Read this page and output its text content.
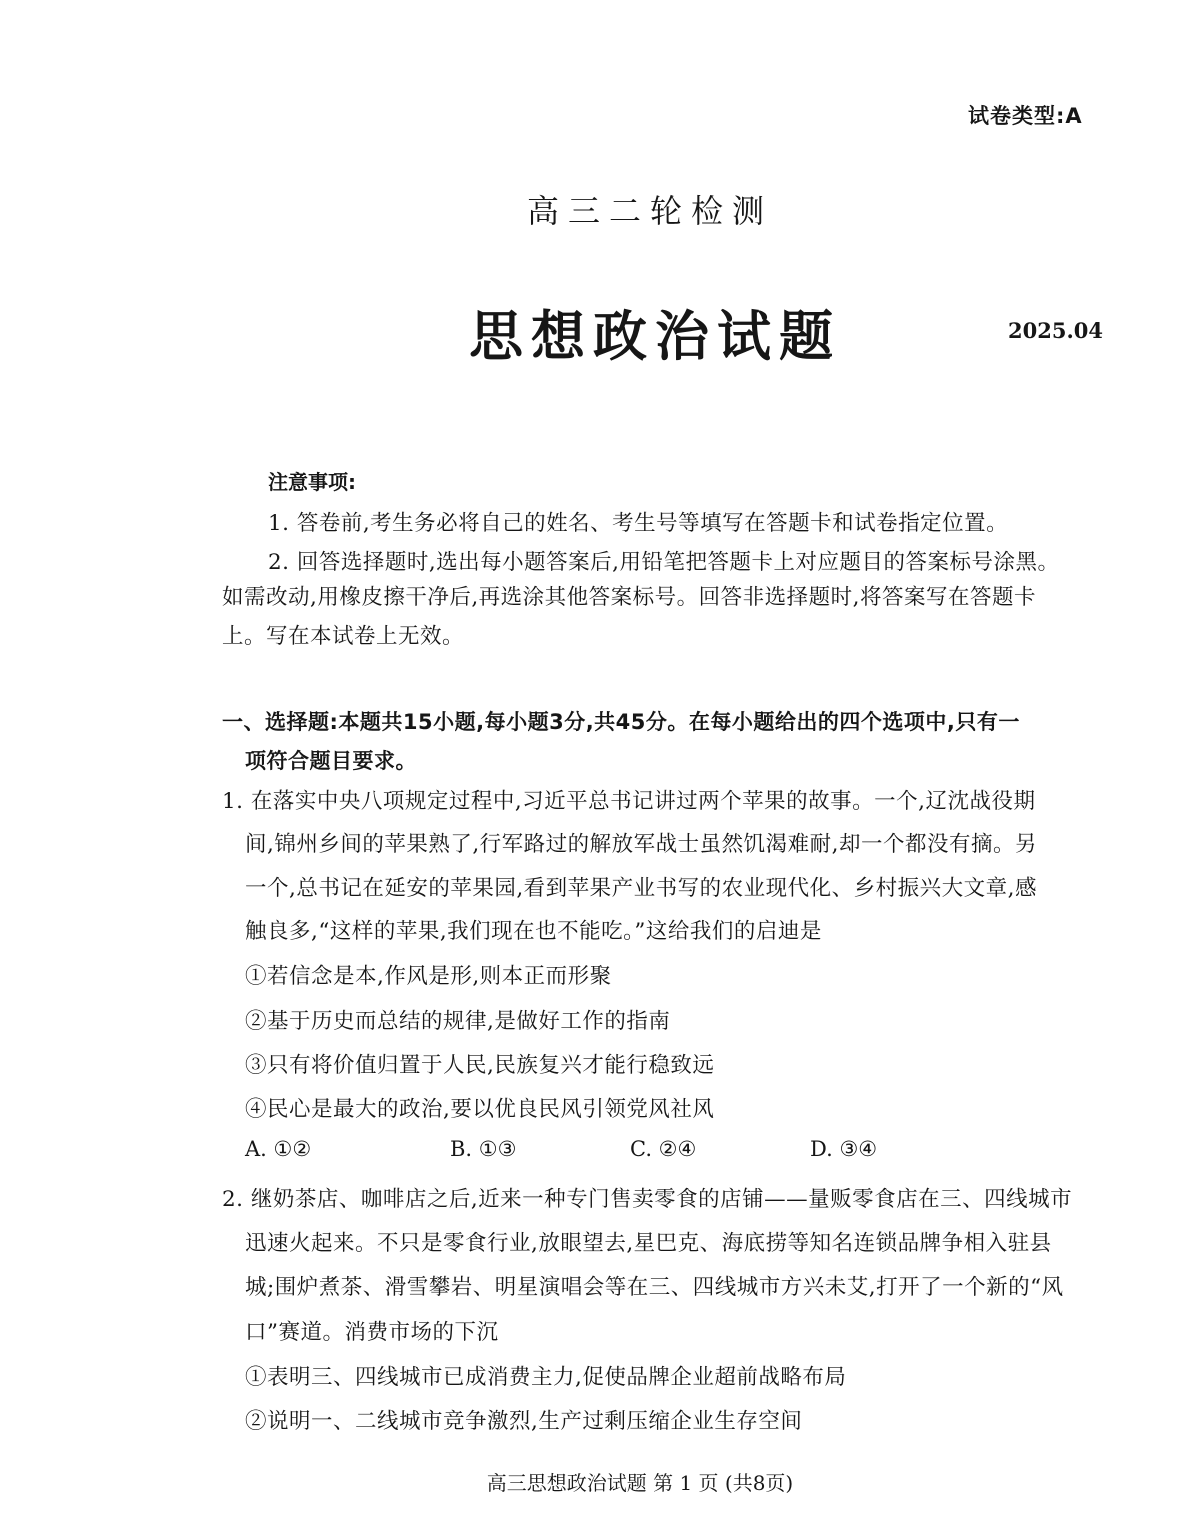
试卷类型:A
高三二轮检测
思想政治试题	2025.04
注意事项:
1. 答卷前,考生务必将自己的姓名、考生号等填写在答题卡和试卷指定位置。
2. 回答选择题时,选出每小题答案后,用铅笔把答题卡上对应题目的答案标号涂黑。
如需改动,用橡皮擦干净后,再选涂其他答案标号。回答非选择题时,将答案写在答题卡
上。写在本试卷上无效。
一、选择题:本题共15小题,每小题3分,共45分。在每小题给出的四个选项中,只有一
项符合题目要求。
1. 在落实中央八项规定过程中,习近平总书记讲过两个苹果的故事。一个,辽沈战役期
间,锦州乡间的苹果熟了,行军路过的解放军战士虽然饥渴难耐,却一个都没有摘。另
一个,总书记在延安的苹果园,看到苹果产业书写的农业现代化、乡村振兴大文章,感
触良多,“这样的苹果,我们现在也不能吃。”这给我们的启迪是
①若信念是本,作风是形,则本正而形聚
②基于历史而总结的规律,是做好工作的指南
③只有将价值归置于人民,民族复兴才能行稳致远
④民心是最大的政治,要以优良民风引领党风社风
A. ①②	B. ①③	C. ②④	D. ③④
2. 继奶茶店、咖啡店之后,近来一种专门售卖零食的店铺——量贩零食店在三、四线城市
迅速火起来。不只是零食行业,放眼望去,星巴克、海底捞等知名连锁品牌争相入驻县
城;围炉煮茶、滑雪攀岩、明星演唱会等在三、四线城市方兴未艾,打开了一个新的“风
口”赛道。消费市场的下沉
①表明三、四线城市已成消费主力,促使品牌企业超前战略布局
②说明一、二线城市竞争激烈,生产过剩压缩企业生存空间
高三思想政治试题 第 1 页 (共8页)
